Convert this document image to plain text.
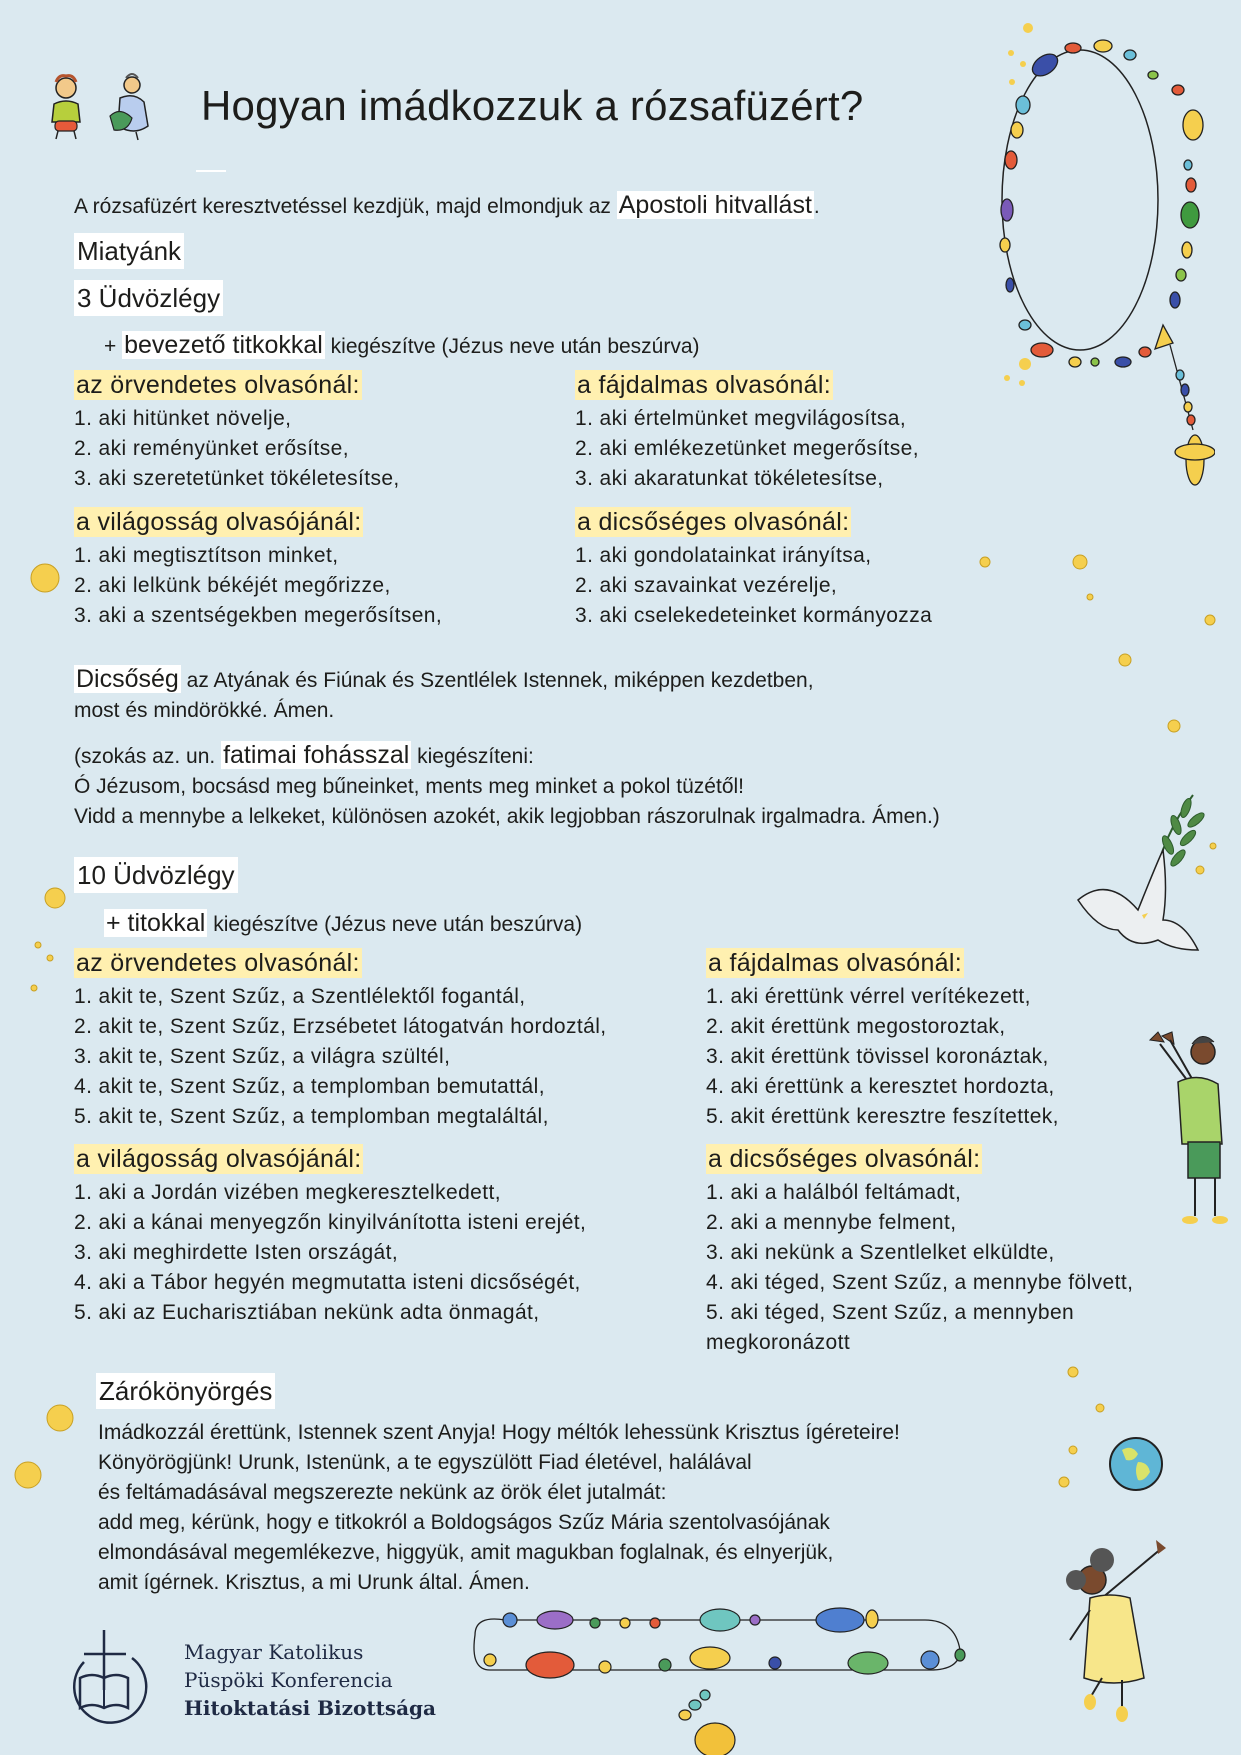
Hogyan imádkozzuk a rózsafüzért?
A rózsafüzért keresztvetéssel kezdjük, majd elmondjuk az Apostoli hitvallást.
Miatyánk
3 Üdvözlégy
+ bevezető titkokkal kiegészítve (Jézus neve után beszúrva)
az örvendetes olvasónál:
1. aki hitünket növelje,
2. aki reményünket erősítse,
3. aki szeretetünket tökéletesítse,
a fájdalmas olvasónál:
1. aki értelmünket megvilágosítsa,
2. aki emlékezetünket megerősítse,
3. aki akaratunkat tökéletesítse,
a világosság olvasójánál:
1. aki megtisztítson minket,
2. aki lelkünk békéjét megőrizze,
3. aki a szentségekben megerősítsen,
a dicsőséges olvasónál:
1. aki gondolatainkat irányítsa,
2. aki szavainkat vezérelje,
3. aki cselekedeteinket kormányozza
Dicsőség az Atyának és Fiúnak és Szentlélek Istennek, miképpen kezdetben,
most és mindörökké. Ámen.
(szokás az. un. fatimai fohásszal kiegészíteni:
Ó Jézusom, bocsásd meg bűneinket, ments meg minket a pokol tüzétől!
Vidd a mennybe a lelkeket, különösen azokét, akik legjobban rászorulnak irgalmadra. Ámen.)
10 Üdvözlégy
+ titokkal kiegészítve (Jézus neve után beszúrva)
az örvendetes olvasónál:
1. akit te, Szent Szűz, a Szentlélektől fogantál,
2. akit te, Szent Szűz, Erzsébetet látogatván hordoztál,
3. akit te, Szent Szűz, a világra szültél,
4. akit te, Szent Szűz, a templomban bemutattál,
5. akit te, Szent Szűz, a templomban megtaláltál,
a fájdalmas olvasónál:
1. aki érettünk vérrel verítékezett,
2. akit érettünk megostoroztak,
3. akit érettünk tövissel koronáztak,
4. aki érettünk a keresztet hordozta,
5. akit érettünk keresztre feszítettek,
a világosság olvasójánál:
1. aki a Jordán vizében megkeresztelkedett,
2. aki a kánai menyegzőn kinyilvánította isteni erejét,
3. aki meghirdette Isten országát,
4. aki a Tábor hegyén megmutatta isteni dicsőségét,
5. aki az Eucharisztiában nekünk adta önmagát,
a dicsőséges olvasónál:
1. aki a halálból feltámadt,
2. aki a mennybe felment,
3. aki nekünk a Szentlelket elküldte,
4. aki téged, Szent Szűz, a mennybe fölvett,
5. aki téged, Szent Szűz, a mennyben
megkoronázott
Zárókönyörgés
Imádkozzál érettünk, Istennek szent Anyja! Hogy méltók lehessünk Krisztus ígéreteire!
Könyörögjünk! Urunk, Istenünk, a te egyszülött Fiad életével, halálával
és feltámadásával megszerezte nekünk az örök élet jutalmát:
add meg, kérünk, hogy e titkokról a Boldogságos Szűz Mária szentolvasójának
elmondásával megemlékezve, higgyük, amit magukban foglalnak, és elnyerjük,
amit ígérnek. Krisztus, a mi Urunk által. Ámen.
Magyar Katolikus
Püspöki Konferencia
Hitoktatási Bizottsága
